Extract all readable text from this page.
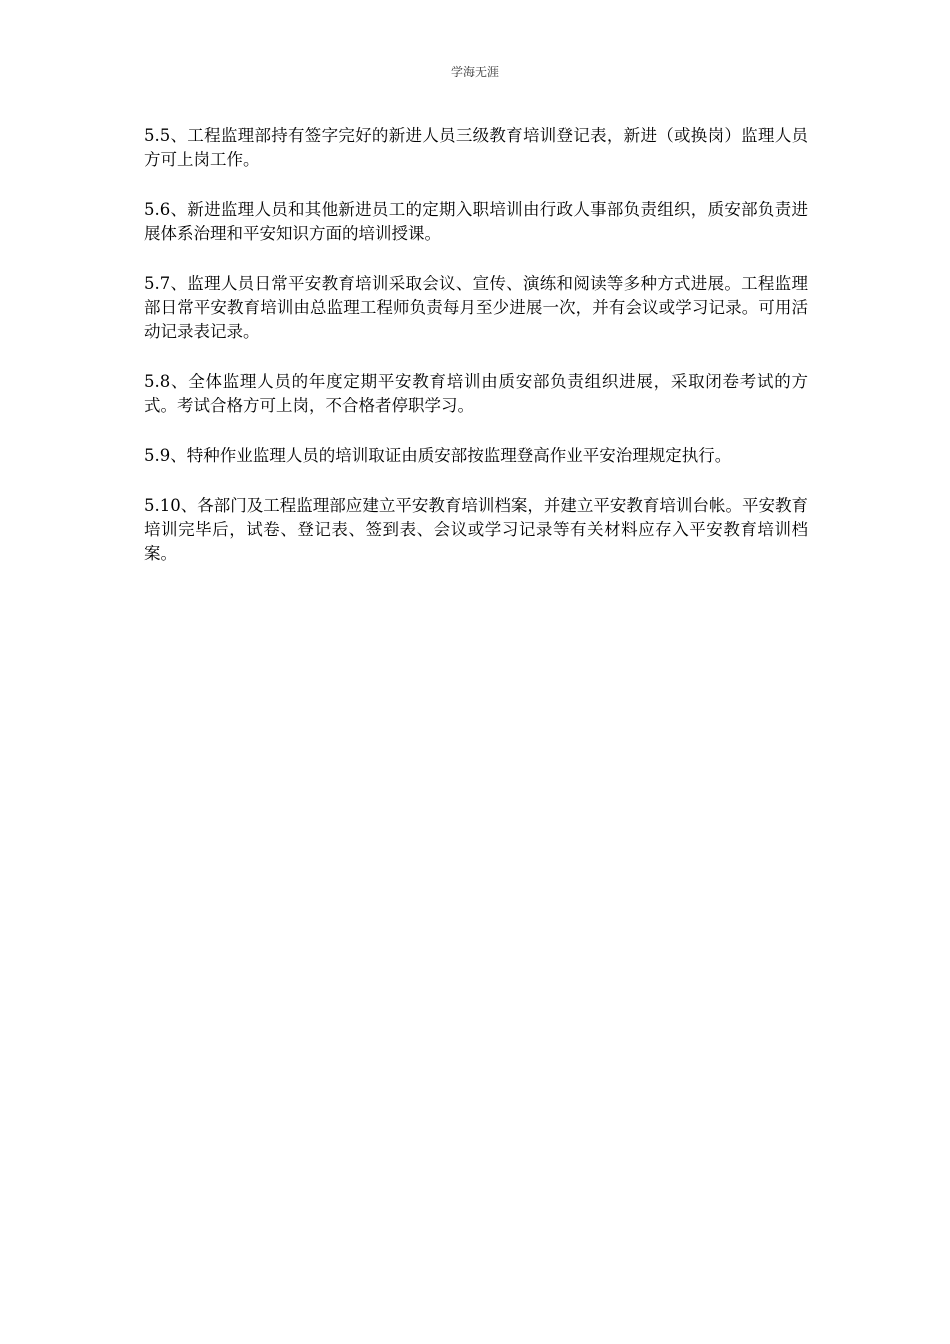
学海无涯

5.5、工程监理部持有签字完好的新进人员三级教育培训登记表，新进（或换岗）监理人员方可上岗工作。

5.6、新进监理人员和其他新进员工的定期入职培训由行政人事部负责组织，质安部负责进展体系治理和平安知识方面的培训授课。

5.7、监理人员日常平安教育培训采取会议、宣传、演练和阅读等多种方式进展。工程监理部日常平安教育培训由总监理工程师负责每月至少进展一次，并有会议或学习记录。可用活动记录表记录。

5.8、全体监理人员的年度定期平安教育培训由质安部负责组织进展，采取闭卷考试的方式。考试合格方可上岗，不合格者停职学习。

5.9、特种作业监理人员的培训取证由质安部按监理登高作业平安治理规定执行。

5.10、各部门及工程监理部应建立平安教育培训档案，并建立平安教育培训台帐。平安教育培训完毕后，试卷、登记表、签到表、会议或学习记录等有关材料应存入平安教育培训档案。
